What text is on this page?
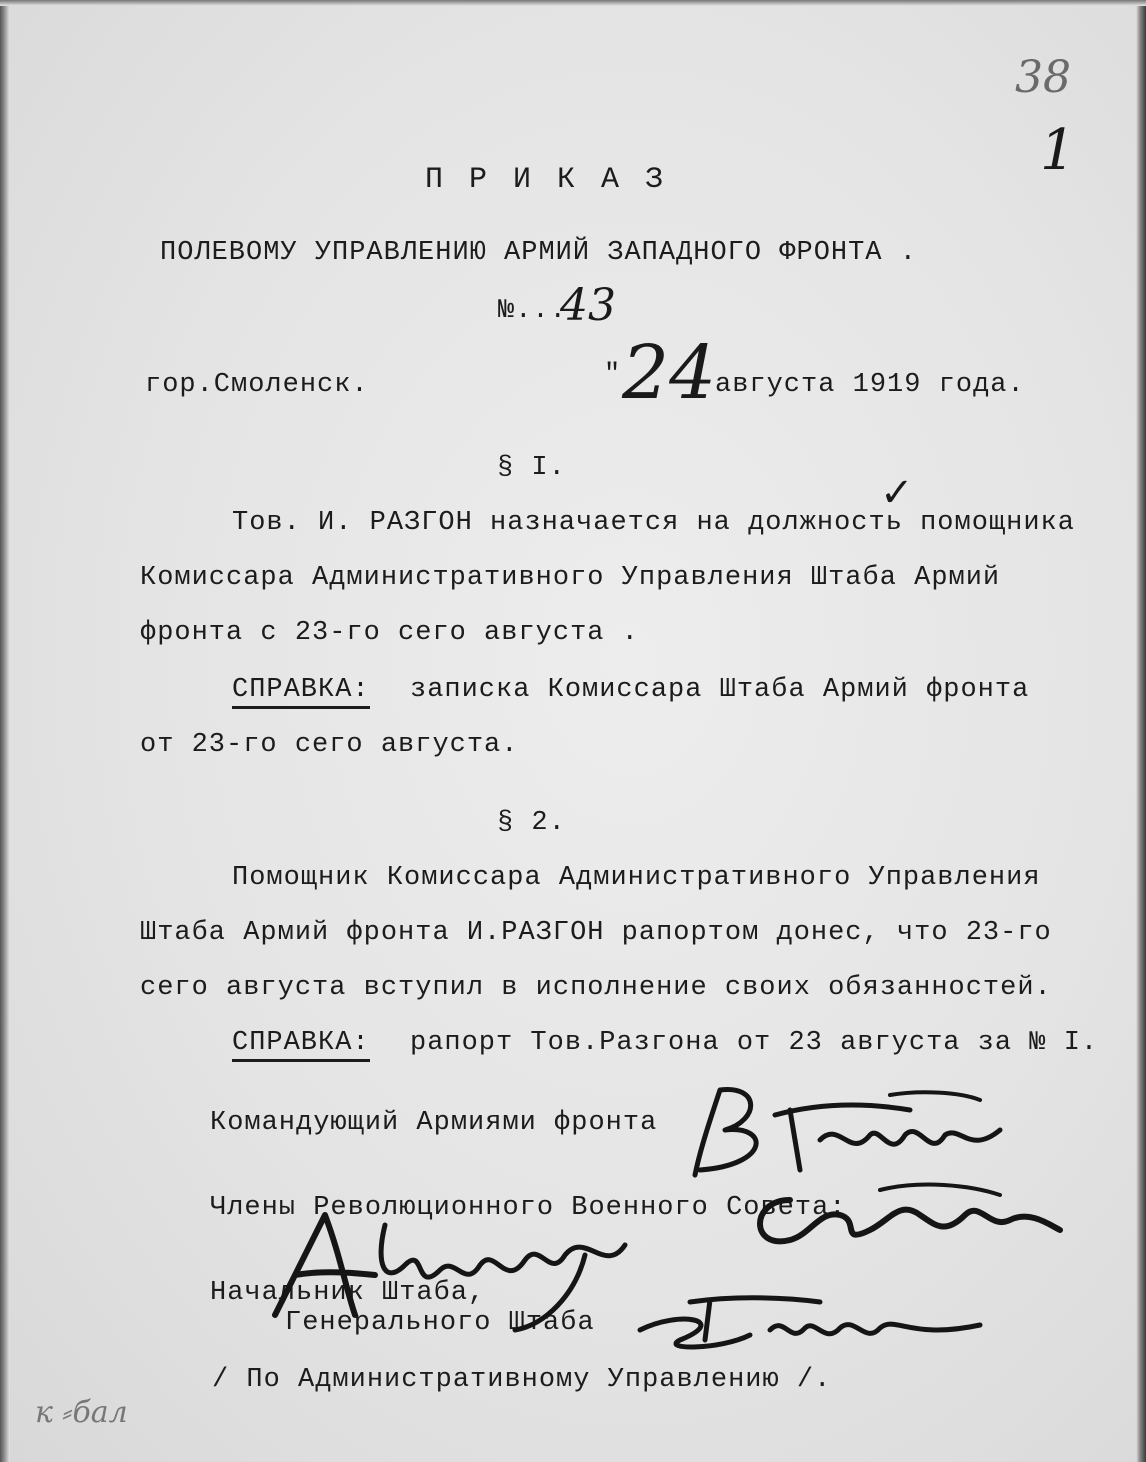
38
1
П Р И К А З
ПОЛЕВОМУ УПРАВЛЕНИЮ АРМИЙ ЗАПАДНОГО ФРОНТА .
№...
43
гор.Смоленск.	" 24
августа 1919 года.
§ I.
✓
Тов. И. РАЗГОН назначается на должность помощника
Комиссара Административного Управления Штаба Армий
фронта с 23-го сего августа .
СПРАВКА: записка Комиссара Штаба Армий фронта
от 23-го сего августа.
§ 2.
Помощник Комиссара Административного Управления
Штаба Армий фронта И.РАЗГОН рапортом донес, что 23-го
сего августа вступил в исполнение своих обязанностей.
СПРАВКА: рапорт Тов.Разгона от 23 августа за № I.
Командующий Армиями фронта
Члены Революционного Военного Совета:
Начальник Штаба,
Генерального Штаба
/ По Административному Управлению /.
к ⸗бал
